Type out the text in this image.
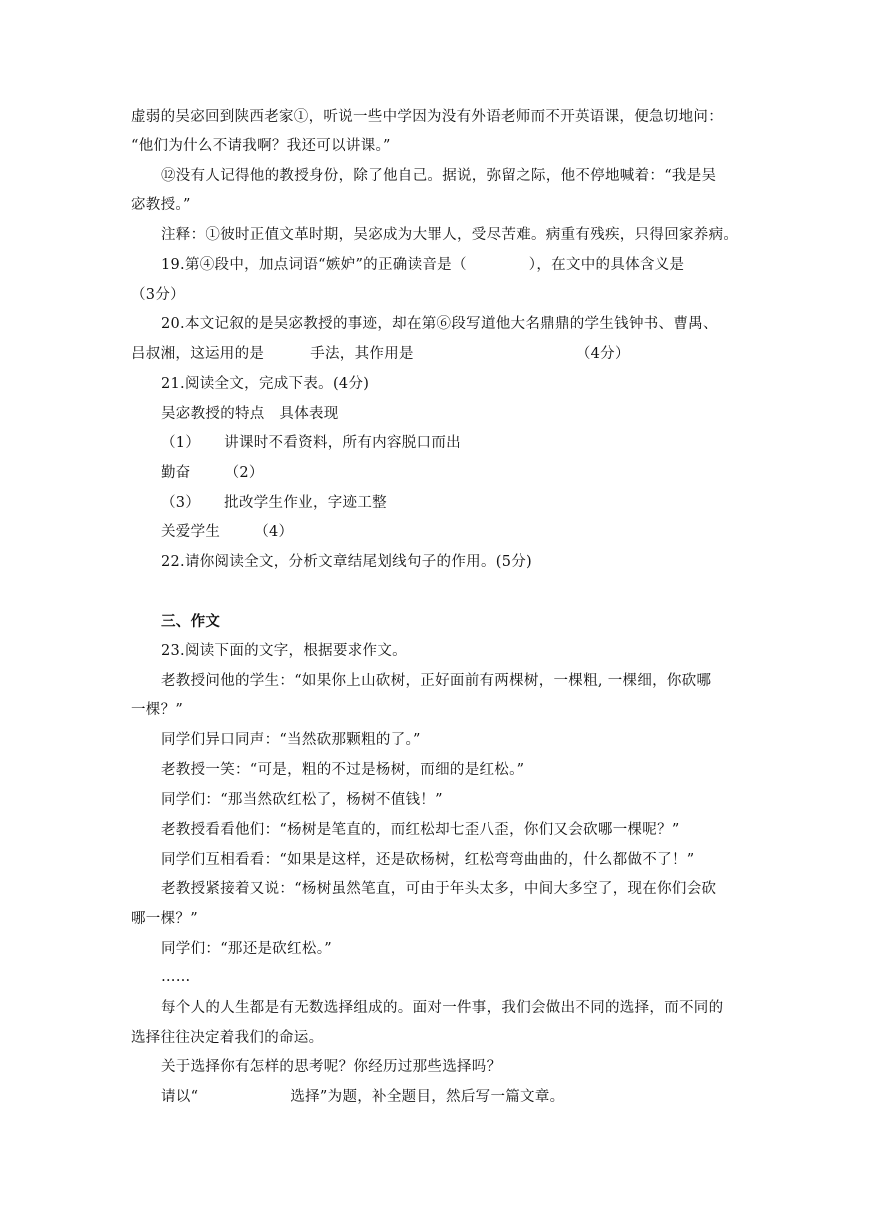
虚弱的吴宓回到陕西老家①，听说一些中学因为没有外语老师而不开英语课，便急切地问：
“他们为什么不请我啊？我还可以讲课。”
⑫没有人记得他的教授身份，除了他自己。据说，弥留之际，他不停地喊着：“我是吴
宓教授。”
注释：①彼时正值文革时期，吴宓成为大罪人，受尽苦难。病重有残疾，只得回家养病。
19.第④段中，加点词语“嫉妒”的正确读音是（	），在文中的具体含义是
（3分）
20.本文记叙的是吴宓教授的事迹，却在第⑥段写道他大名鼎鼎的学生钱钟书、曹禺、
吕叔湘，这运用的是	手法，其作用是	（4分）
21.阅读全文，完成下表。(4分)
吴宓教授的特点　具体表现
（1） 讲课时不看资料，所有内容脱口而出
勤奋 （2）
（3） 批改学生作业，字迹工整
关爱学生 （4）
22.请你阅读全文，分析文章结尾划线句子的作用。(5分)
三、作文
23.阅读下面的文字，根据要求作文。
老教授问他的学生：“如果你上山砍树，正好面前有两棵树，一棵粗, 一棵细，你砍哪
一棵？”
同学们异口同声：“当然砍那颗粗的了。”
老教授一笑：“可是，粗的不过是杨树，而细的是红松。”
同学们：“那当然砍红松了，杨树不值钱！”
老教授看看他们：“杨树是笔直的，而红松却七歪八歪，你们又会砍哪一棵呢？”
同学们互相看看：“如果是这样，还是砍杨树，红松弯弯曲曲的，什么都做不了！”
老教授紧接着又说：“杨树虽然笔直，可由于年头太多，中间大多空了，现在你们会砍
哪一棵？”
同学们：“那还是砍红松。”
……
每个人的人生都是有无数选择组成的。面对一件事，我们会做出不同的选择，而不同的
选择往往决定着我们的命运。
关于选择你有怎样的思考呢？你经历过那些选择吗？
请以“	选择”为题，补全题目，然后写一篇文章。
